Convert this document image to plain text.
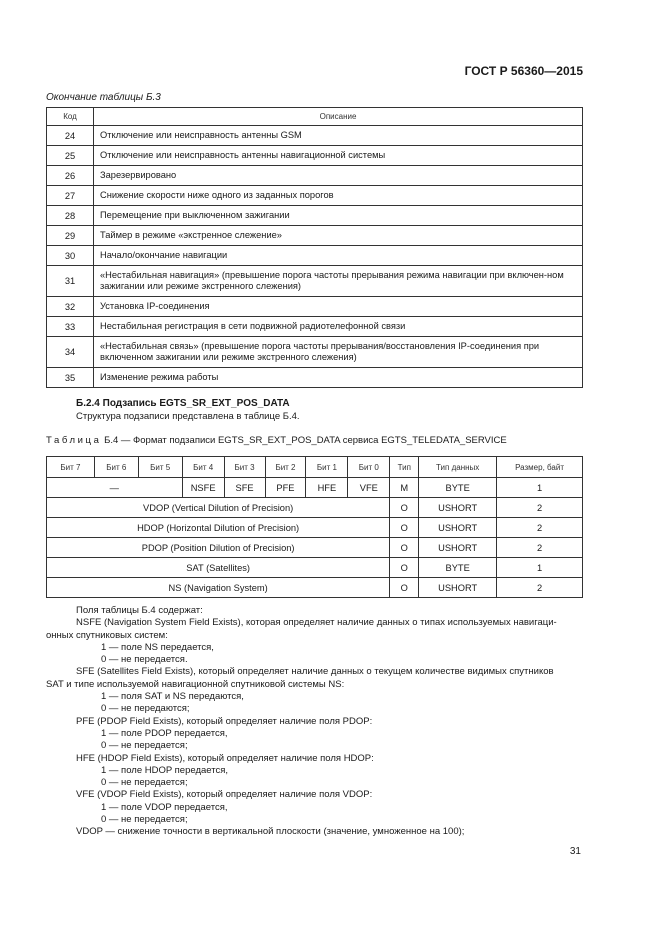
ГОСТ Р 56360—2015
Окончание таблицы Б.3
Код	Описание
24	Отключение или неисправность антенны GSM
25	Отключение или неисправность антенны навигационной системы
26	Зарезервировано
27	Снижение скорости ниже одного из заданных порогов
28	Перемещение при выключенном зажигании
29	Таймер в режиме «экстренное слежение»
30	Начало/окончание навигации
31	«Нестабильная навигация» (превышение порога частоты прерывания режима навигации при включен-ном зажигании или режиме экстренного слежения)
32	Установка IP-соединения
33	Нестабильная регистрация в сети подвижной радиотелефонной связи
34	«Нестабильная связь» (превышение порога частоты прерывания/восстановления IP-соединения при включенном зажигании или режиме экстренного слежения)
35	Изменение режима работы
Б.2.4 Подзапись EGTS_SR_EXT_POS_DATA
Структура подзаписи представлена в таблице Б.4.
Таблица Б.4 — Формат подзаписи EGTS_SR_EXT_POS_DATA сервиса EGTS_TELEDATA_SERVICE
Бит 7	Бит 6	Бит 5	Бит 4	Бит 3	Бит 2	Бит 1	Бит 0	Тип	Тип данных	Размер, байт
—			NSFE	SFE	PFE	HFE	VFE	M	BYTE	1
VDOP (Vertical Dilution of Precision)								O	USHORT	2
HDOP (Horizontal Dilution of Precision)								O	USHORT	2
PDOP (Position Dilution of Precision)								O	USHORT	2
SAT (Satellites)								O	BYTE	1
NS (Navigation System)								O	USHORT	2
Поля таблицы Б.4 содержат:
NSFE (Navigation System Field Exists), которая определяет наличие данных о типах используемых навигаци-
онных спутниковых систем:
1 — поле NS передается,
0 — не передается.
SFE (Satellites Field Exists), который определяет наличие данных о текущем количестве видимых спутников
SAT и типе используемой навигационной спутниковой системы NS:
1 — поля SAT и NS передаются,
0 — не передаются;
PFE (PDOP Field Exists), который определяет наличие поля PDOP:
1 — поле PDOP передается,
0 — не передается;
HFE (HDOP Field Exists), который определяет наличие поля HDOP:
1 — поле HDOP передается,
0 — не передается;
VFE (VDOP Field Exists), который определяет наличие поля VDOP:
1 — поле VDOP передается,
0 — не передается;
VDOP — снижение точности в вертикальной плоскости (значение, умноженное на 100);
31
